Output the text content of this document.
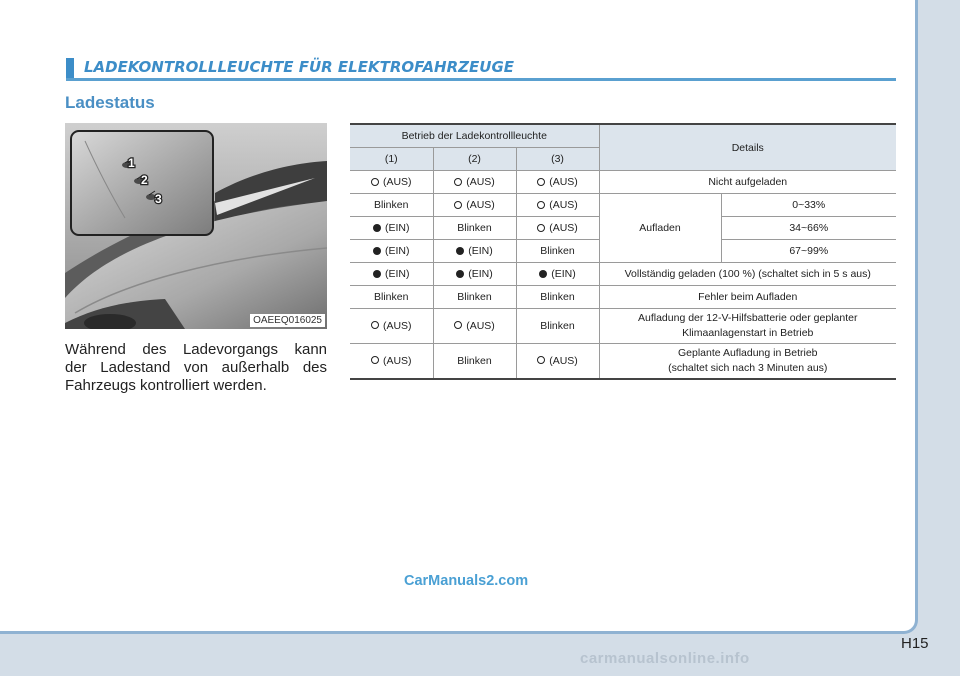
LADEKONTROLLLEUCHTE FÜR ELEKTROFAHRZEUGE
Ladestatus
1
2
3
OAEEQ016025
Während des Ladevorgangs kann
der Ladestand von außerhalb des
Fahrzeugs kontrolliert werden.
Betrieb der Ladekontrollleuchte			Details	
(1)	(2)	(3)		
(AUS)	(AUS)	(AUS)	Nicht aufgeladen	
Blinken	(AUS)	(AUS)	Aufladen	0~33%
(EIN)	Blinken	(AUS)		34~66%
(EIN)	(EIN)	Blinken		67~99%
(EIN)	(EIN)	(EIN)	Vollständig geladen (100 %) (schaltet sich in 5 s aus)	
Blinken	Blinken	Blinken	Fehler beim Aufladen	
(AUS)	(AUS)	Blinken	Aufladung der 12-V-Hilfsbatterie oder geplanter
Klimaanlagenstart in Betrieb	

(AUS)	Blinken	(AUS)	Geplante Aufladung in Betrieb
(schaltet sich nach 3 Minuten aus)	
CarManuals2.com
H15
carmanualsonline.info
